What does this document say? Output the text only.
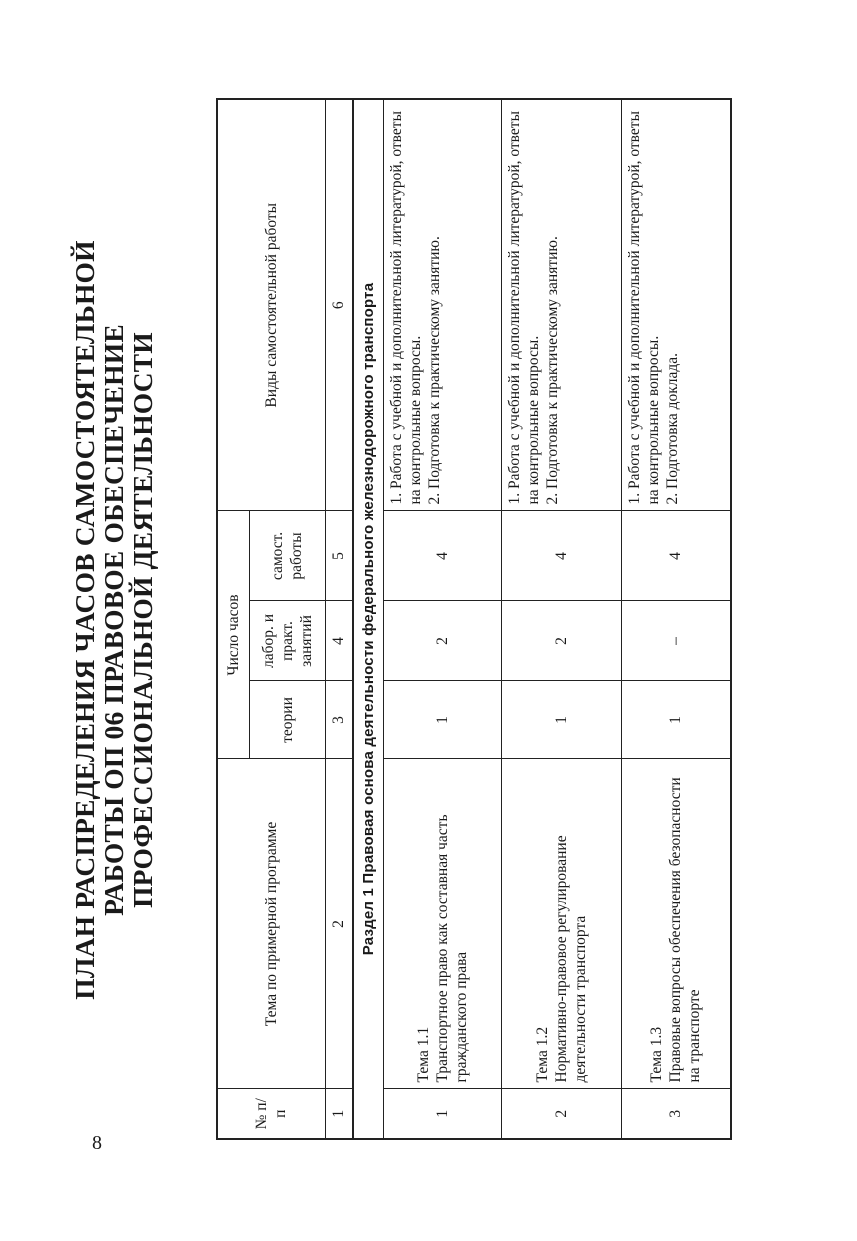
8
ПЛАН РАСПРЕДЕЛЕНИЯ ЧАСОВ САМОСТОЯТЕЛЬНОЙ
РАБОТЫ ОП 06 ПРАВОВОЕ ОБЕСПЕЧЕНИЕ
ПРОФЕССИОНАЛЬНОЙ ДЕЯТЕЛЬНОСТИ
№ п/п	Тема по примерной программе	Число часов			Виды самостоятельной работы
		теории	лабор. и практ. занятий	самост. работы	
1	2	3	4	5	6
Раздел 1 Правовая основа деятельности федерального железнодорожного транспорта					
1	Тема 1.1 Транспортное право как составная часть гражданского права	1	2	4	1. Работа с учебной и дополнительной литературой, ответы на контрольные вопросы. 2. Подготовка к практическому занятию.

2	Тема 1.2 Нормативно-правовое регулирование деятельности транспорта	1	2	4	1. Работа с учебной и дополнительной литературой, ответы на контрольные вопросы. 2. Подготовка к практическому занятию.

3	Тема 1.3 Правовые вопросы обеспечения безопасности на транспорте	1	–	4	1. Работа с учебной и дополнительной литературой, ответы на контрольные вопросы. 2. Подготовка доклада.
